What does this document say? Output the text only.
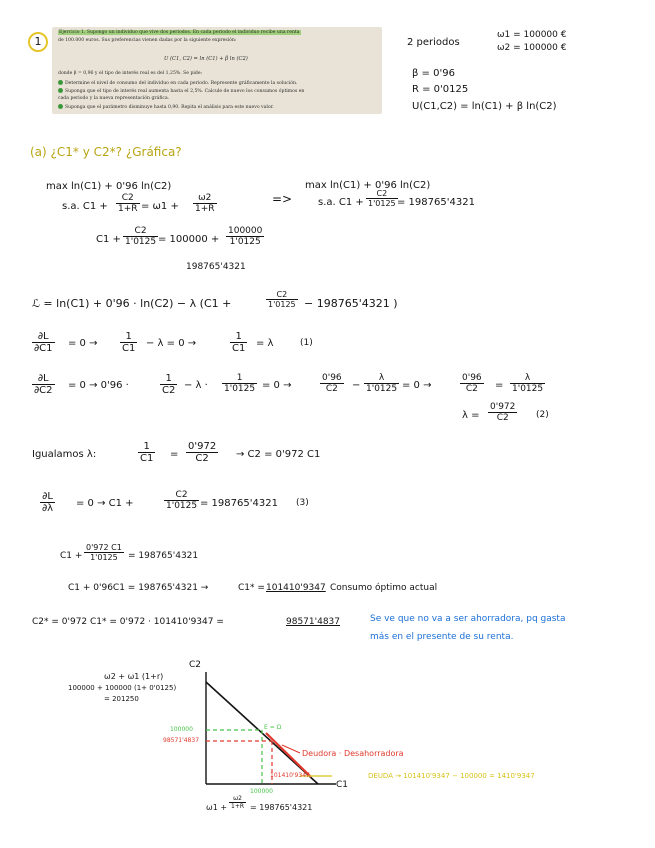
1
Ejercicio 1. Supongo un individuo que vive dos periodos. En cada periodo el individuo recibe una renta
de 100.000 euros. Sus preferencias vienen dadas por la siguiente expresión:
U (C1, C2) = ln (C1) + β ln (C2)
donde β = 0,96 y el tipo de interés real es del 1,25%. Se pide:
Determine el nivel de consumo del individuo en cada periodo. Represente gráficamente la solución.
Suponga que el tipo de interés real aumenta hasta el 2,5%. Calcule de nuevo los consumos óptimos en
cada periodo y la nueva representación gráfica.
Suponga que el parámetro disminuye hasta 0,90. Repita el análisis para este nuevo valor.
2 periodos
ω1 = 100000 €
ω2 = 100000 €
β = 0'96
R = 0'0125
U(C1,C2) = ln(C1) + β ln(C2)
(a) ¿C1* y C2*? ¿Gráfica?
max ln(C1) + 0'96 ln(C2)
s.a. $C1 + \frac{C2}{1+R} = \omega 1 + \frac{\omega 2}{1+R}$	=>
max ln(C1) + 0'96 ln(C2)
s.a. $C1 + \frac{C2}{1'0125} = 198765'4321$
$C1 + \frac{C2}{1'0125} = 100000 + \frac{100000}{1'0125}$
198765'4321
ℒ = ln(C1) + 0'96 · ln(C2) − λ (C1 +	$\frac{C2}{1'0125} - 198765'4321$ )
$\frac{\partial L}{\partial C1} = 0 \to \frac{1}{C1} - \lambda = 0$ →	$\frac{1}{C1} = \lambda$	(1)
$\frac{\partial L}{\partial C2} = 0 \to 0'96$ ·	$\frac{1}{C2} - \lambda \cdot \frac{1}{1'0125} = 0$ →	$\frac{0'96}{C2} - \frac{\lambda}{1'0125} = 0$ →	$\frac{0'96}{C2} = \frac{\lambda}{1'0125}$
$\lambda = \frac{0'972}{C2} (2)$
Igualamos λ:	$\frac{1}{C1} = \frac{0'972}{C2} \to C2 = 0'972$ C1
$\frac{\partial L}{\partial\lambda} = 0 \to C1$ +	$\frac{C2}{1'0125} = 198765'4321$ (3)
$C1 + \frac{0'972 C1}{1'0125} = 198765'4321$
C1 + 0'96C1 = 198765'4321 →	C1* = 101410'9347 Consumo óptimo actual
C2* = 0'972 C1* = 0'972 · 101410'9347 =	98571'4837	Se ve que no va a ser ahorradora, pq gasta
más en el presente de su renta.
C2
C1
ω2 + ω1 (1+r)
100000 + 100000 (1+ 0'0125)
= 201250
100000
98571'4837
E = Ω
100000
101410'9347
$\omega 1 + \frac{\omega 2}{1+R} = 198765'4321$
Deudora · Desahorradora
DEUDA → 101410'9347 − 100000 = 1410'9347
